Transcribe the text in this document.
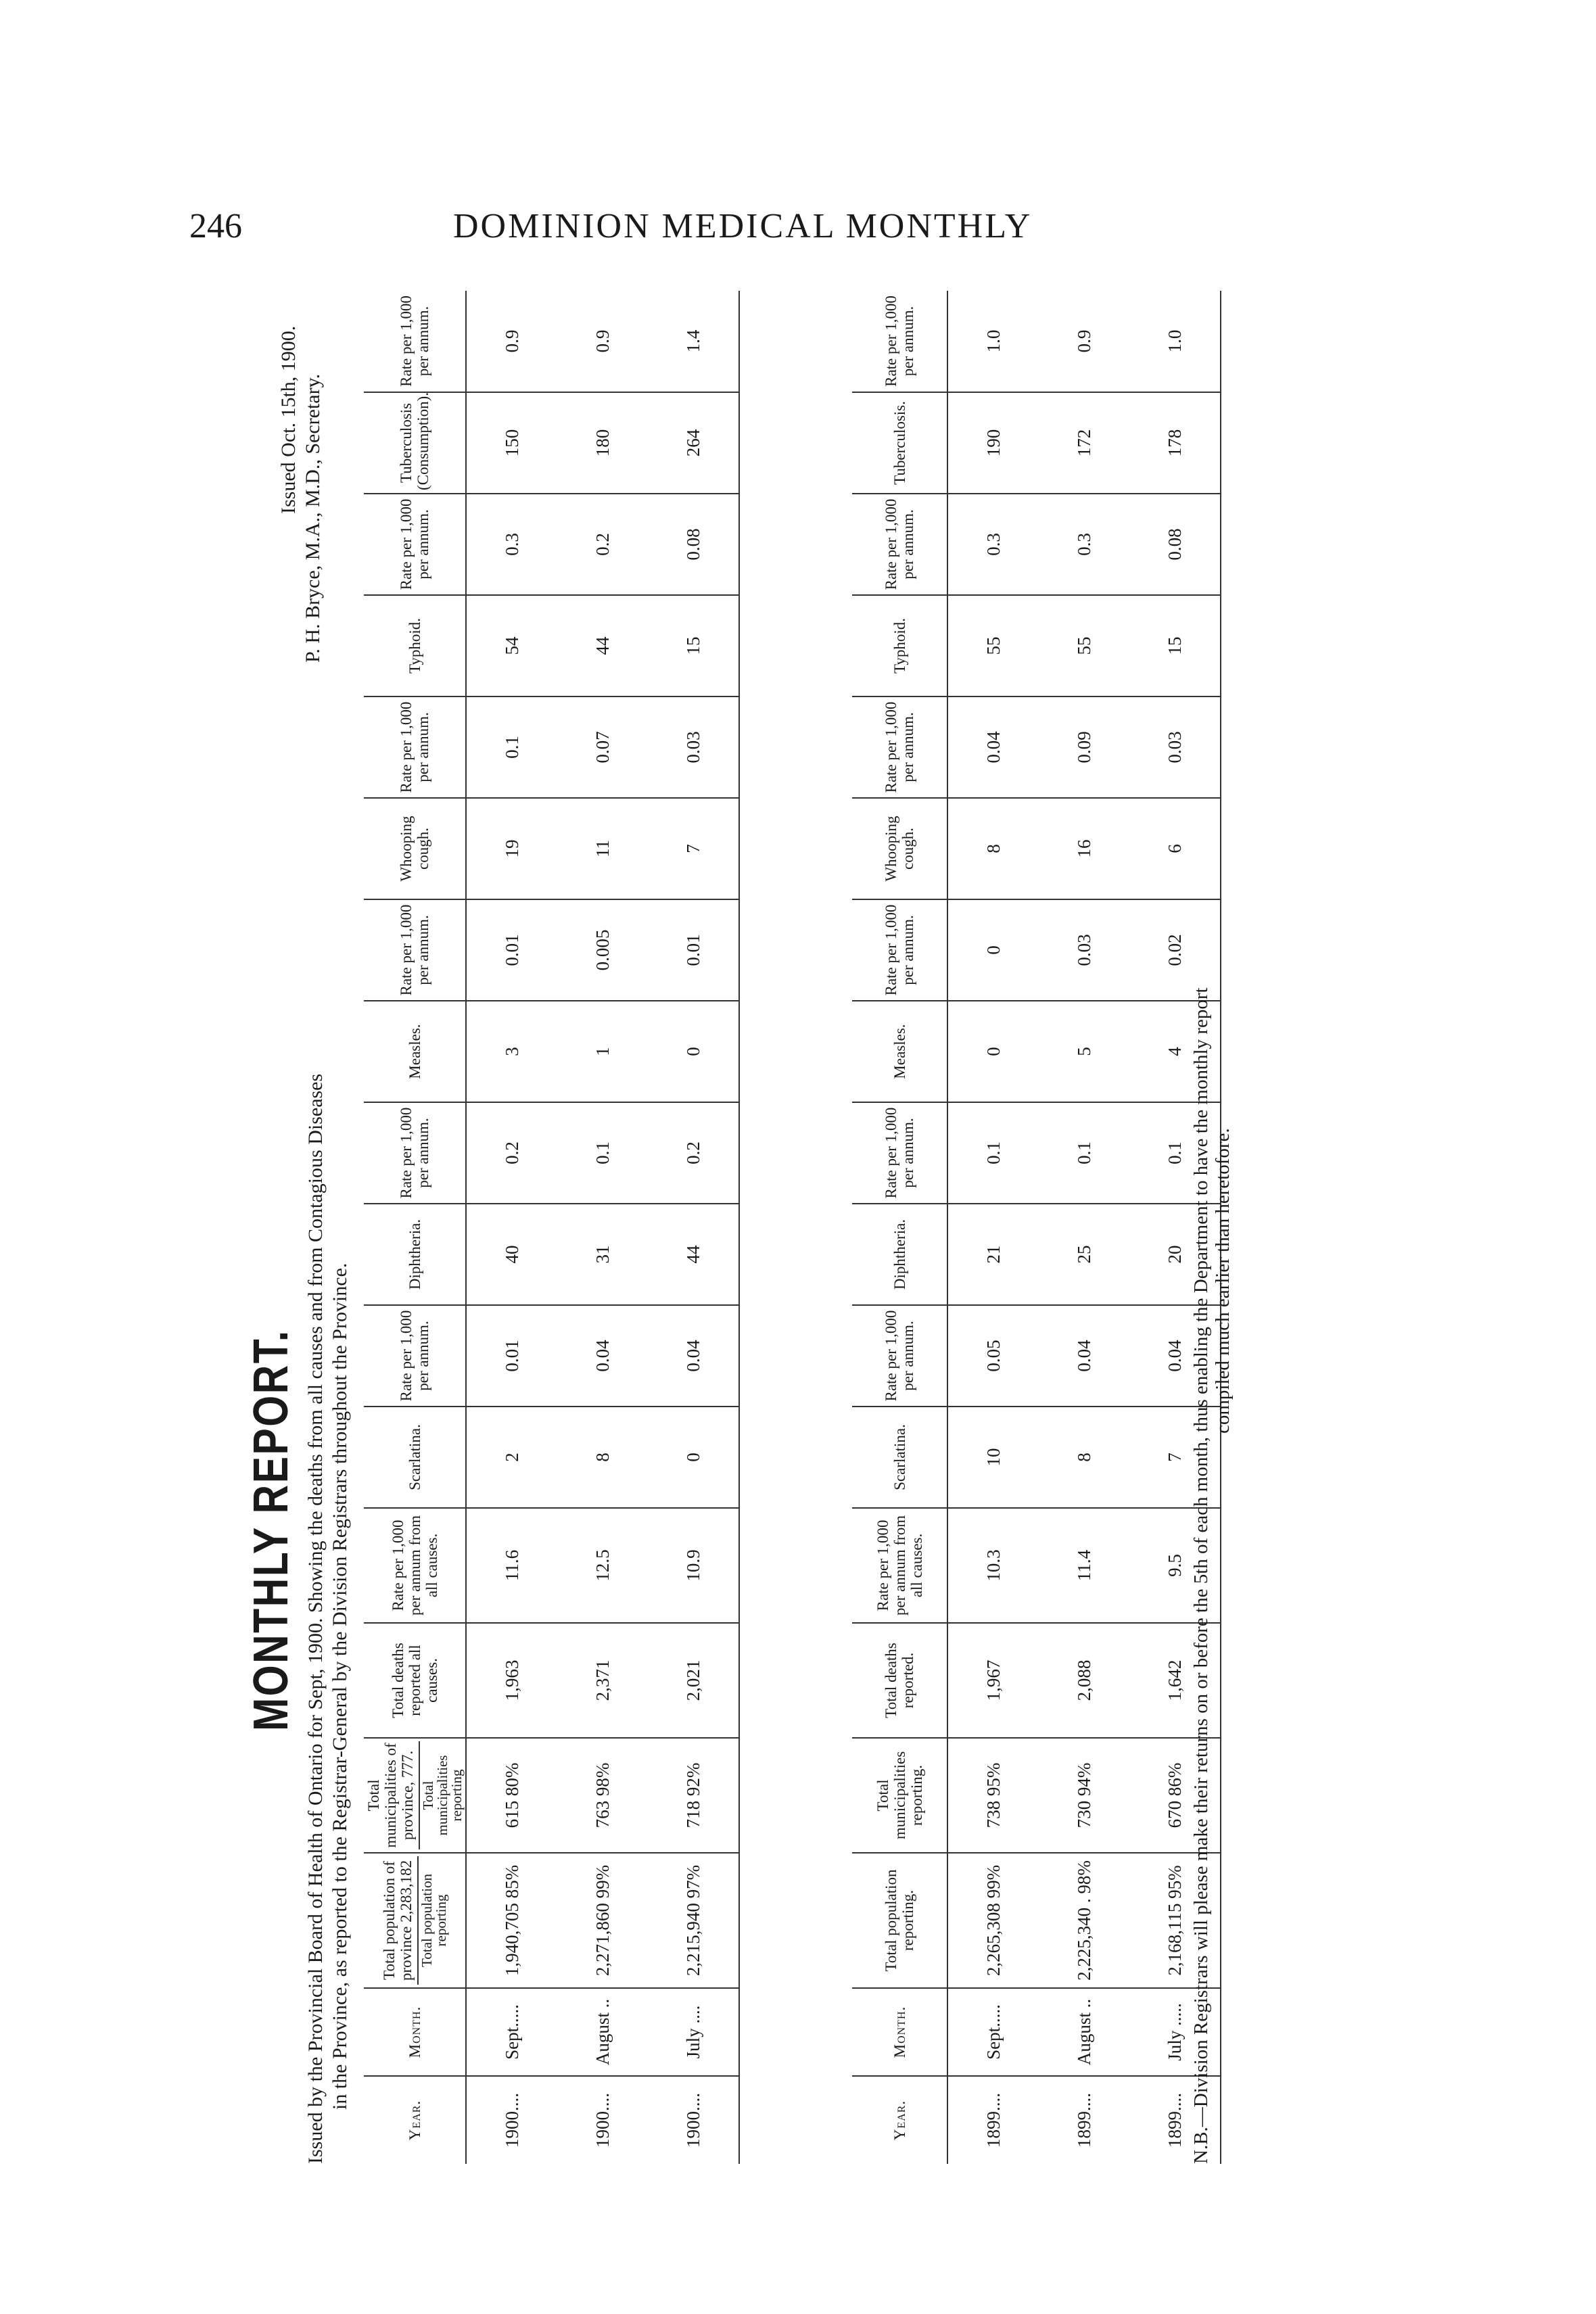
246	DOMINION MEDICAL MONTHLY
MONTHLY REPORT.
Issued Oct. 15th, 1900. P. H. Bryce, M.A., M.D., Secretary.
Issued by the Provincial Board of Health of Ontario for Sept, 1900. Showing the deaths from all causes and from Contagious Diseases in the Province, as reported to the Registrar-General by the Division Registrars throughout the Province.
Year.	Month.	Total population of province 2,283,182 Total population reporting	Total municipalities of province, 777. Total municipalities reporting	Total deaths reported all causes.	Rate per 1,000 per annum from all causes.	Scarlatina.	Rate per 1,000 per annum.	Diphtheria.	Rate per 1,000 per annum.	Measles.	Rate per 1,000 per annum.	Whooping cough.	Rate per 1,000 per annum.	Typhoid.	Rate per 1,000 per annum.	Tuberculosis (Consumption).	Rate per 1,000 per annum.
1900....	Sept.....	1,940,705 85%	615 80%	1,963	11.6	2	0.01	40	0.2	3	0.01	19	0.1	54	0.3	150	0.9
1900....	August ..	2,271,860 99%	763 98%	2,371	12.5	8	0.04	31	0.1	1	0.005	11	0.07	44	0.2	180	0.9
1900....	July ....	2,215,940 97%	718 92%	2,021	10.9	0	0.04	44	0.2	0	0.01	7	0.03	15	0.08	264	1.4
Year.	Month.	Total population reporting.	Total municipalities reporting.	Total deaths reported.	Rate per 1,000 per annum from all causes.	Scarlatina.	Rate per 1,000 per annum.	Diphtheria.	Rate per 1,000 per annum.	Measles.	Rate per 1,000 per annum.	Whooping cough.	Rate per 1,000 per annum.	Typhoid.	Rate per 1,000 per annum.	Tuberculosis.	Rate per 1,000 per annum.
1899....	Sept.....	2,265,308 99%	738 95%	1,967	10.3	10	0.05	21	0.1	0	0	8	0.04	55	0.3	190	1.0
1899....	August ..	2,225,340 . 98%	730 94%	2,088	11.4	8	0.04	25	0.1	5	0.03	16	0.09	55	0.3	172	0.9
1899....	July .....	2,168,115 95%	670 86%	1,642	9.5	7	0.04	20	0.1	4	0.02	6	0.03	15	0.08	178	1.0
N.B.—Division Registrars will please make their returns on or before the 5th of each month, thus enabling the Department to have the monthly report compiled much earlier than heretofore.
